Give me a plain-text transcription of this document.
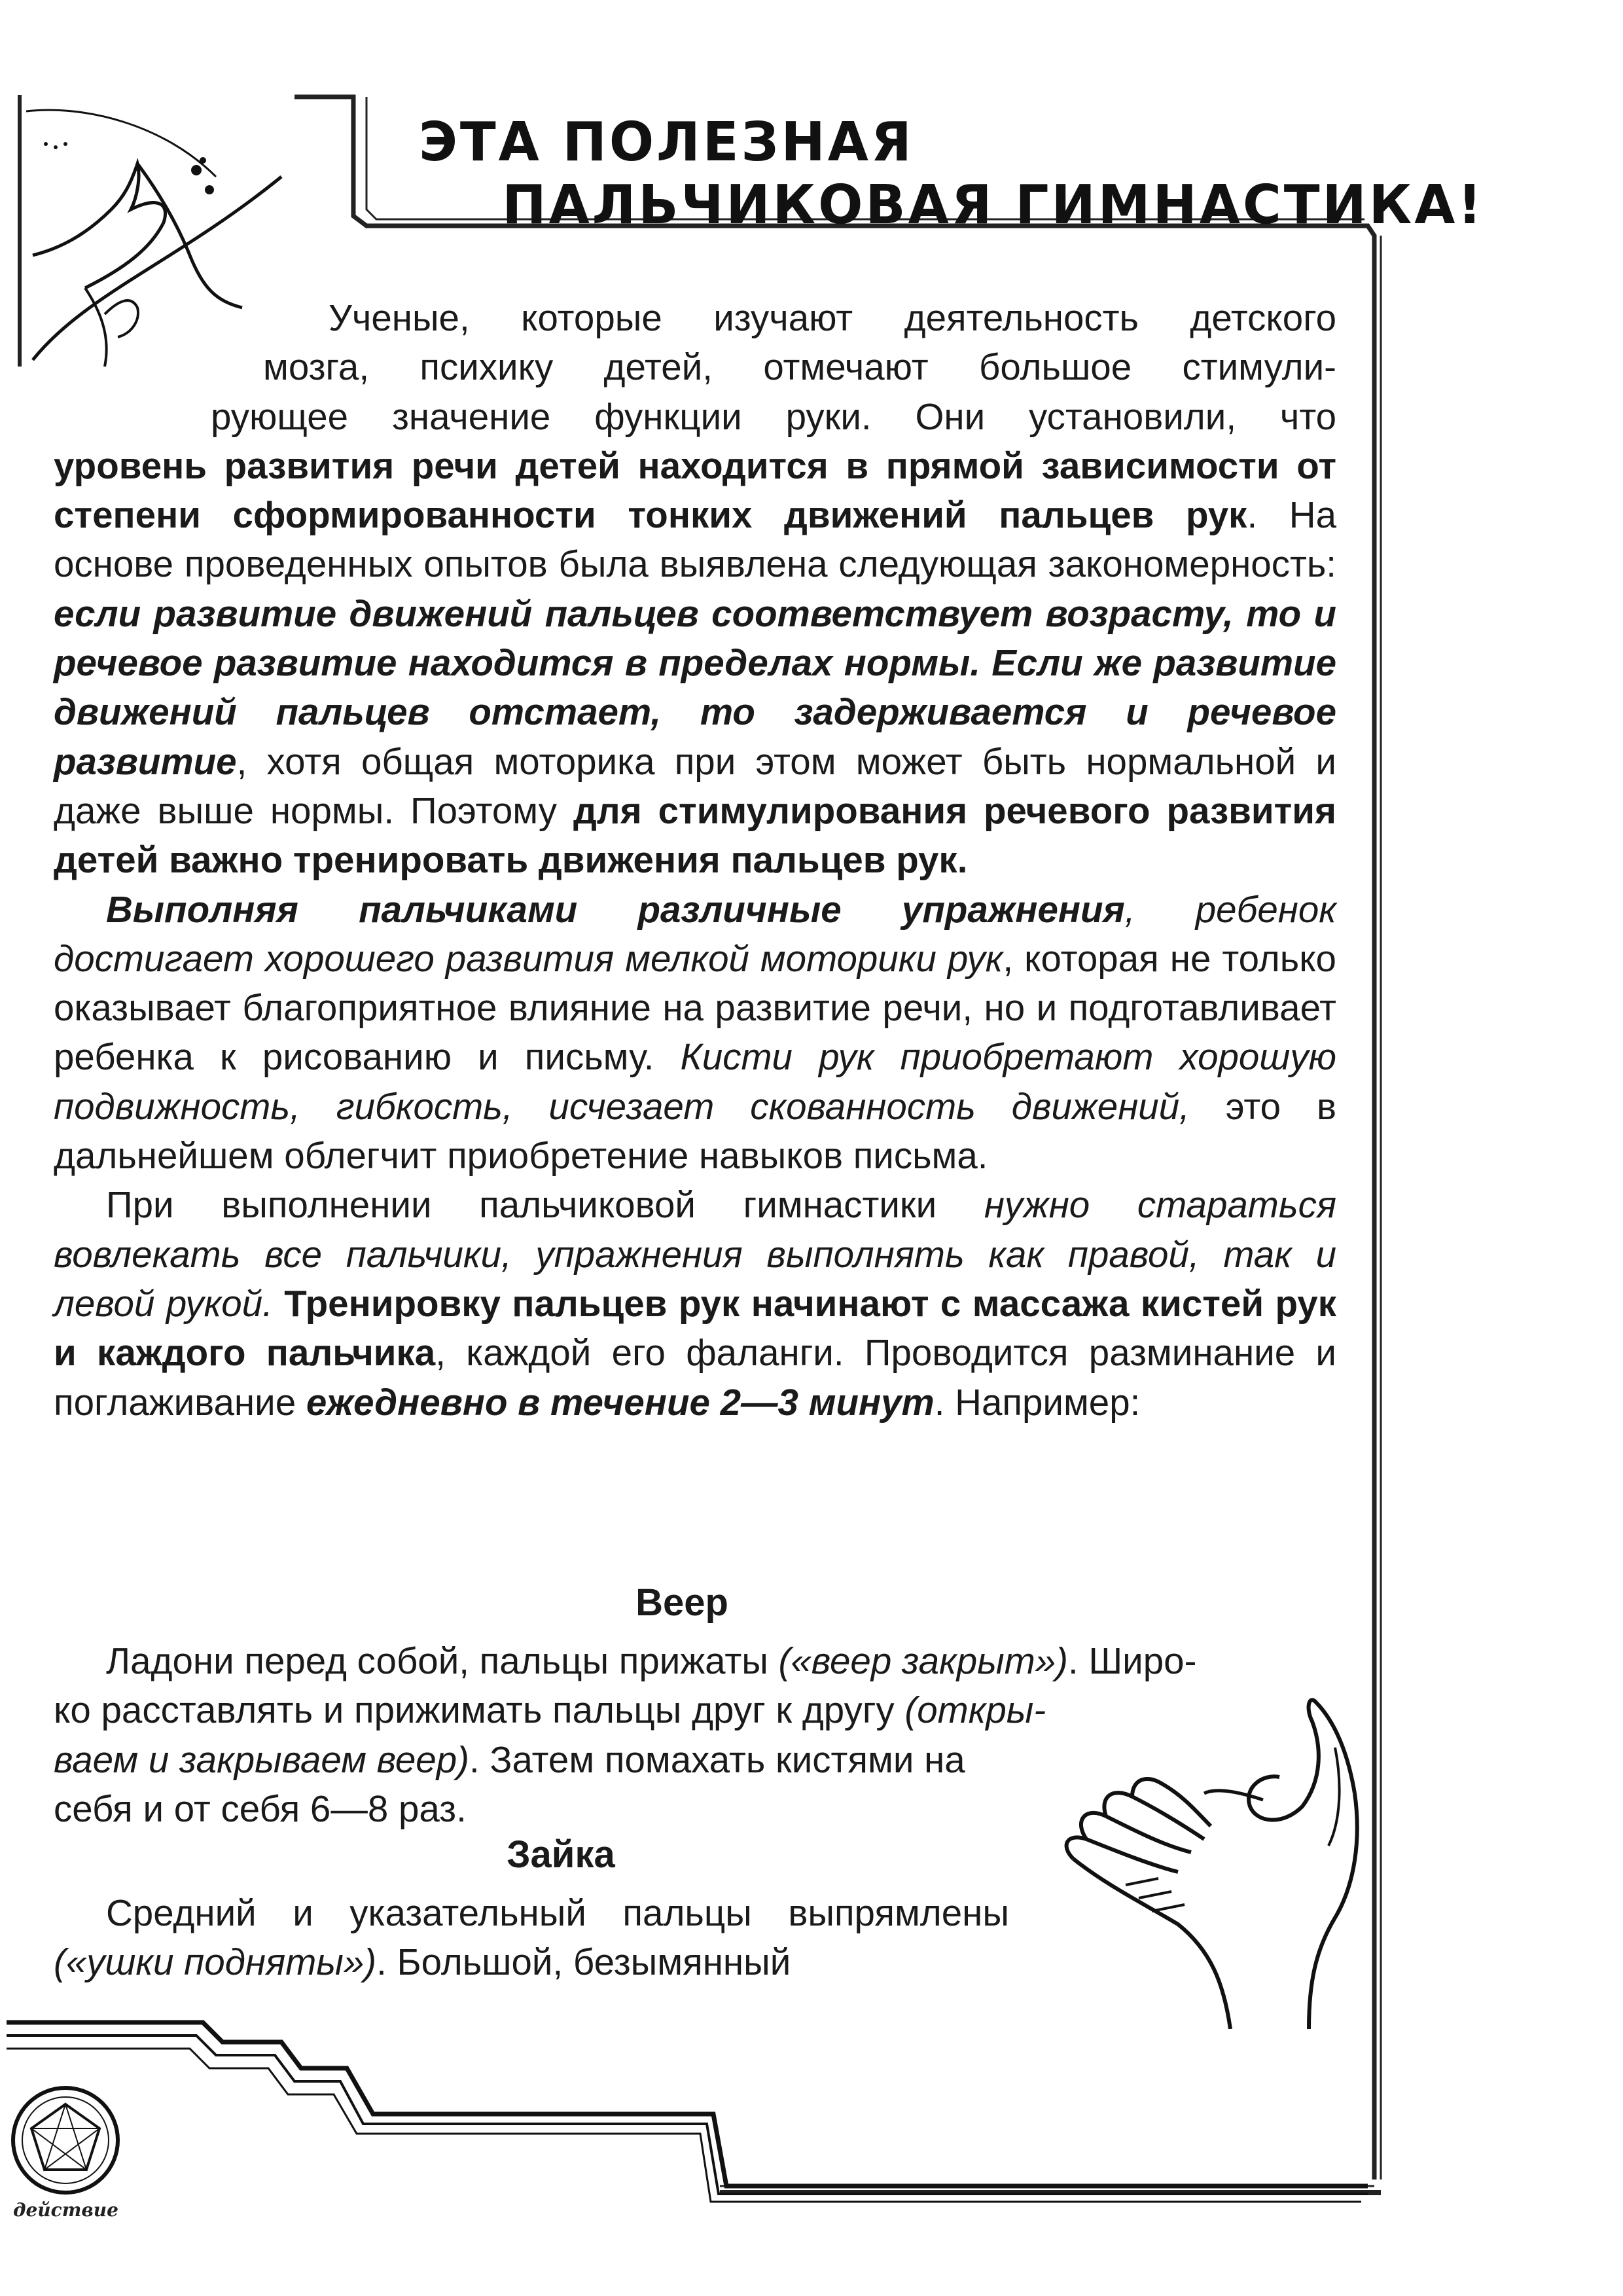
ЭТА ПОЛЕЗНАЯ
ПАЛЬЧИКОВАЯ ГИМНАСТИКА!

Ученые, которые изучают деятельность детского
мозга, психику детей, отмечают большое стимули-
рующее значение функции руки. Они установили, что
уровень развития речи детей находится в прямой зависимости от степени сформированности тонких движений пальцев рук. На основе проведенных опытов была выявлена следующая закономерность: если развитие движений пальцев соответствует возрасту, то и речевое развитие находится в пределах нормы. Если же развитие движений пальцев отстает, то задерживается и речевое развитие, хотя общая моторика при этом может быть нормальной и даже выше нормы. Поэтому для стимулирования речевого развития детей важно тренировать движения пальцев рук.

Выполняя пальчиками различные упражнения, ребенок достигает хорошего развития мелкой моторики рук, которая не только оказывает благоприятное влияние на развитие речи, но и подготавливает ребенка к рисованию и письму. Кисти рук приобретают хорошую подвижность, гибкость, исчезает скованность движений, это в дальнейшем облегчит приобретение навыков письма.

При выполнении пальчиковой гимнастики нужно стараться вовлекать все пальчики, упражнения выполнять как правой, так и левой рукой. Тренировку пальцев рук начинают с массажа кистей рук и каждого пальчика, каждой его фаланги. Проводится разминание и поглаживание ежедневно в течение 2—3 минут. Например:

Веер
Ладони перед собой, пальцы прижаты («веер закрыт»). Широ-
ко расставлять и прижимать пальцы друг к другу (откры-
ваем и закрываем веер). Затем помахать кистями на
себя и от себя 6—8 раз.
Зайка
Средний и указательный пальцы выпрямлены («ушки подняты»). Большой, безымянный
действие
